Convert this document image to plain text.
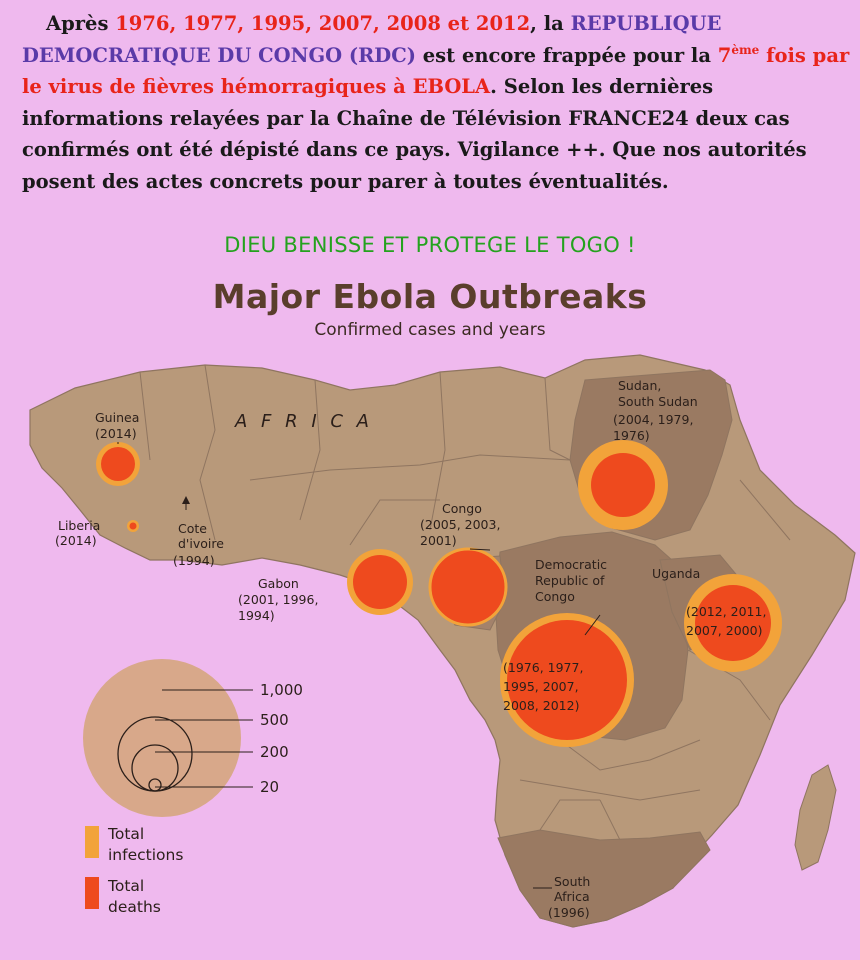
Après 1976, 1977, 1995, 2007, 2008 et 2012, la REPUBLIQUE DEMOCRATIQUE DU CONGO (RDC) est encore frappée pour la 7ème fois par le virus de fièvres hémorragiques à EBOLA. Selon les dernières informations relayées par la Chaîne de Télévision FRANCE24 deux cas confirmés ont été dépisté dans ce pays. Vigilance ++. Que nos autorités posent des actes concrets pour parer à toutes éventualités.
DIEU BENISSE ET PROTEGE LE TOGO !
A F R I C A
Guinea
(2014)
Liberia
(2014)
Cote d'ivoire
(1994)
Gabon
(2001, 1996, 1994)
Congo
(2005, 2003, 2001)
Democratic Republic of Congo
(1976, 1977, 1995, 2007, 2008, 2012)
Sudan, South Sudan
(2004, 1979, 1976)
Uganda
(2012, 2011, 2007, 2000)
South Africa
(1996)
1,000
500
200
20
Total
infections
Total
deaths
Major Ebola Outbreaks
Confirmed cases and years
